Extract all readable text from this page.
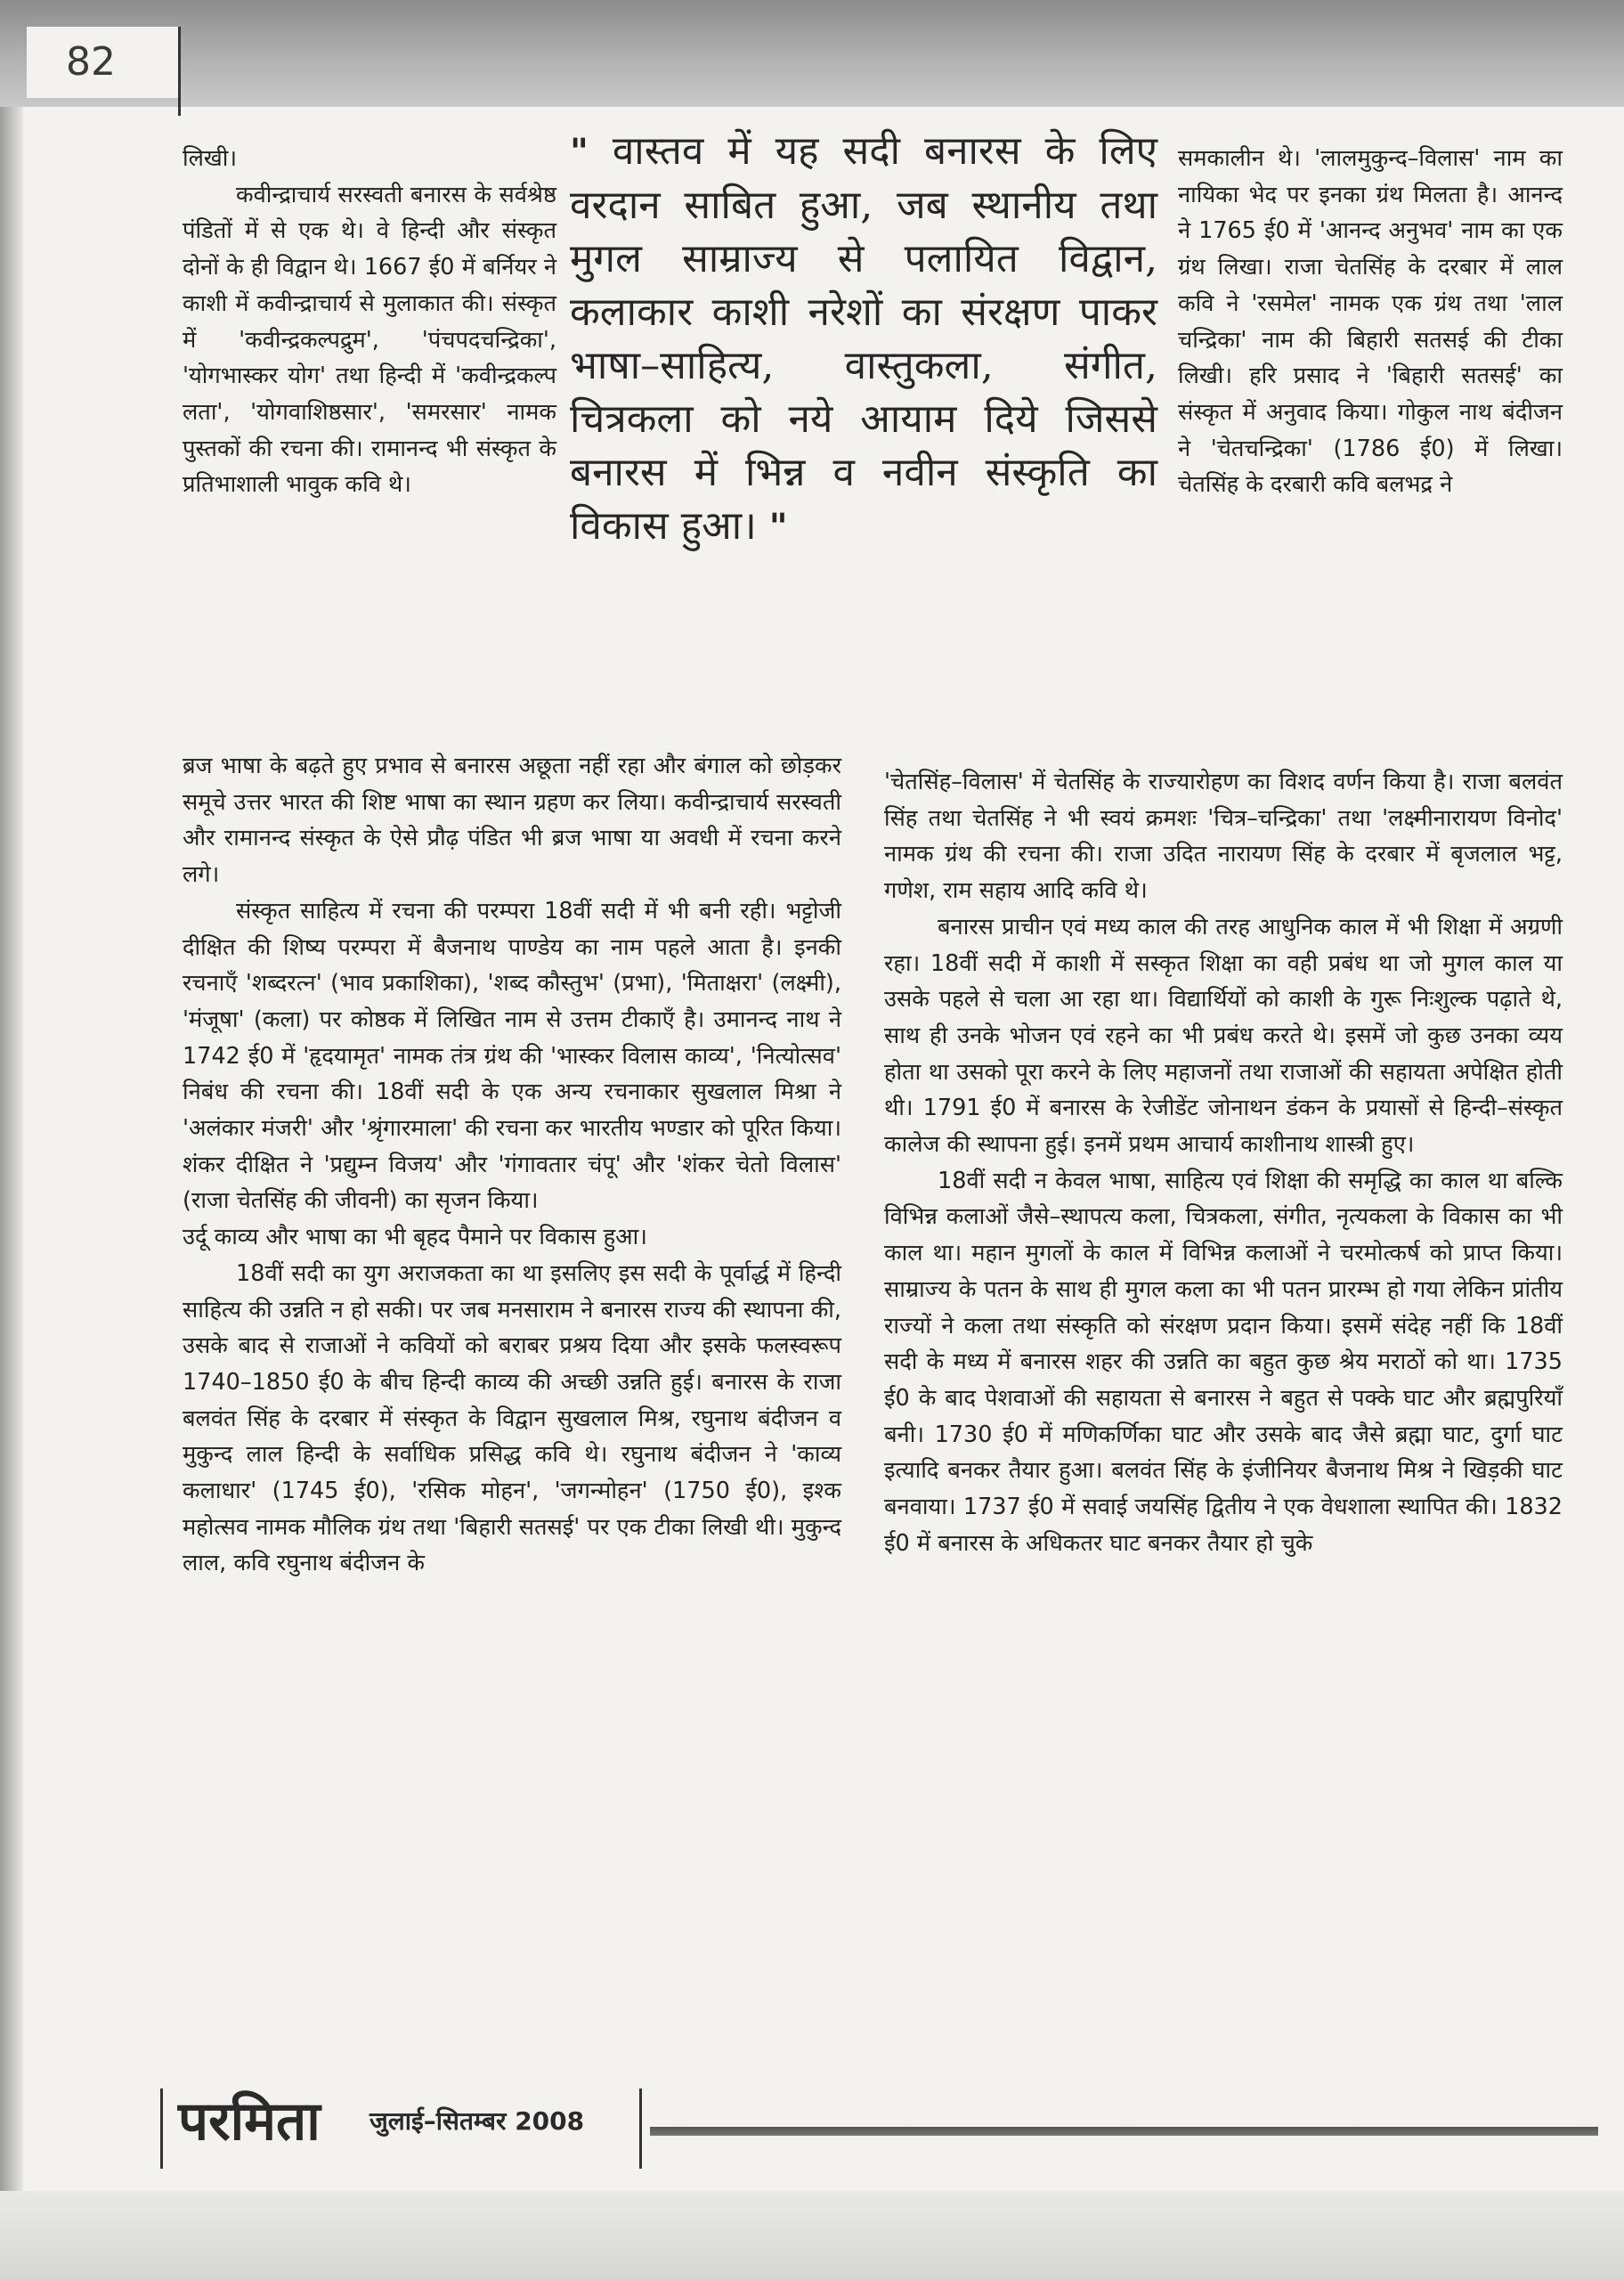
82

लिखी।

कवीन्द्राचार्य सरस्वती बनारस के सर्वश्रेष्ठ पंडितों में से एक थे। वे हिन्दी और संस्कृत दोनों के ही विद्वान थे। 1667 ई0 में बर्नियर ने काशी में कवीन्द्राचार्य से मुलाकात की। संस्कृत में 'कवीन्द्रकल्पद्रुम', 'पंचपदचन्द्रिका', 'योगभास्कर योग' तथा हिन्दी में 'कवीन्द्रकल्प लता', 'योगवाशिष्ठसार', 'समरसार' नामक पुस्तकों की रचना की। रामानन्द भी संस्कृत के प्रतिभाशाली भावुक कवि थे।

" वास्तव में यह सदी बनारस के लिए वरदान साबित हुआ, जब स्थानीय तथा मुगल साम्राज्य से पलायित विद्वान, कलाकार काशी नरेशों का संरक्षण पाकर भाषा–साहित्य, वास्तुकला, संगीत, चित्रकला को नये आयाम दिये जिससे बनारस में भिन्न व नवीन संस्कृति का विकास हुआ। "

समकालीन थे। 'लालमुकुन्द–विलास' नाम का नायिका भेद पर इनका ग्रंथ मिलता है। आनन्द ने 1765 ई0 में 'आनन्द अनुभव' नाम का एक ग्रंथ लिखा। राजा चेतसिंह के दरबार में लाल कवि ने 'रसमेल' नामक एक ग्रंथ तथा 'लाल चन्द्रिका' नाम की बिहारी सतसई की टीका लिखी। हरि प्रसाद ने 'बिहारी सतसई' का संस्कृत में अनुवाद किया। गोकुल नाथ बंदीजन ने 'चेतचन्द्रिका' (1786 ई0) में लिखा। चेतसिंह के दरबारी कवि बलभद्र ने

ब्रज भाषा के बढ़ते हुए प्रभाव से बनारस अछूता नहीं रहा और बंगाल को छोड़कर समूचे उत्तर भारत की शिष्ट भाषा का स्थान ग्रहण कर लिया। कवीन्द्राचार्य सरस्वती और रामानन्द संस्कृत के ऐसे प्रौढ़ पंडित भी ब्रज भाषा या अवधी में रचना करने लगे।

संस्कृत साहित्य में रचना की परम्परा 18वीं सदी में भी बनी रही। भट्टोजी दीक्षित की शिष्य परम्परा में बैजनाथ पाण्डेय का नाम पहले आता है। इनकी रचनाएँ 'शब्दरत्न' (भाव प्रकाशिका), 'शब्द कौस्तुभ' (प्रभा), 'मिताक्षरा' (लक्ष्मी), 'मंजूषा' (कला) पर कोष्ठक में लिखित नाम से उत्तम टीकाएँ है। उमानन्द नाथ ने 1742 ई0 में 'हृदयामृत' नामक तंत्र ग्रंथ की 'भास्कर विलास काव्य', 'नित्योत्सव' निबंध की रचना की। 18वीं सदी के एक अन्य रचनाकार सुखलाल मिश्रा ने 'अलंकार मंजरी' और 'श्रृंगारमाला' की रचना कर भारतीय भण्डार को पूरित किया। शंकर दीक्षित ने 'प्रद्युम्न विजय' और 'गंगावतार चंपू' और 'शंकर चेतो विलास' (राजा चेतसिंह की जीवनी) का सृजन किया।

उर्दू काव्य और भाषा का भी बृहद पैमाने पर विकास हुआ।

18वीं सदी का युग अराजकता का था इसलिए इस सदी के पूर्वार्द्ध में हिन्दी साहित्य की उन्नति न हो सकी। पर जब मनसाराम ने बनारस राज्य की स्थापना की, उसके बाद से राजाओं ने कवियों को बराबर प्रश्रय दिया और इसके फलस्वरूप 1740–1850 ई0 के बीच हिन्दी काव्य की अच्छी उन्नति हुई। बनारस के राजा बलवंत सिंह के दरबार में संस्कृत के विद्वान सुखलाल मिश्र, रघुनाथ बंदीजन व मुकुन्द लाल हिन्दी के सर्वाधिक प्रसिद्ध कवि थे। रघुनाथ बंदीजन ने 'काव्य कलाधार' (1745 ई0), 'रसिक मोहन', 'जगन्मोहन' (1750 ई0), इश्क महोत्सव नामक मौलिक ग्रंथ तथा 'बिहारी सतसई' पर एक टीका लिखी थी। मुकुन्द लाल, कवि रघुनाथ बंदीजन के

'चेतसिंह–विलास' में चेतसिंह के राज्यारोहण का विशद वर्णन किया है। राजा बलवंत सिंह तथा चेतसिंह ने भी स्वयं क्रमशः 'चित्र–चन्द्रिका' तथा 'लक्ष्मीनारायण विनोद' नामक ग्रंथ की रचना की। राजा उदित नारायण सिंह के दरबार में बृजलाल भट्ट, गणेश, राम सहाय आदि कवि थे।

बनारस प्राचीन एवं मध्य काल की तरह आधुनिक काल में भी शिक्षा में अग्रणी रहा। 18वीं सदी में काशी में सस्कृत शिक्षा का वही प्रबंध था जो मुगल काल या उसके पहले से चला आ रहा था। विद्यार्थियों को काशी के गुरू निःशुल्क पढ़ाते थे, साथ ही उनके भोजन एवं रहने का भी प्रबंध करते थे। इसमें जो कुछ उनका व्यय होता था उसको पूरा करने के लिए महाजनों तथा राजाओं की सहायता अपेक्षित होती थी। 1791 ई0 में बनारस के रेजीडेंट जोनाथन डंकन के प्रयासों से हिन्दी–संस्कृत कालेज की स्थापना हुई। इनमें प्रथम आचार्य काशीनाथ शास्त्री हुए।

18वीं सदी न केवल भाषा, साहित्य एवं शिक्षा की समृद्धि का काल था बल्कि विभिन्न कलाओं जैसे–स्थापत्य कला, चित्रकला, संगीत, नृत्यकला के विकास का भी काल था। महान मुगलों के काल में विभिन्न कलाओं ने चरमोत्कर्ष को प्राप्त किया। साम्राज्य के पतन के साथ ही मुगल कला का भी पतन प्रारम्भ हो गया लेकिन प्रांतीय राज्यों ने कला तथा संस्कृति को संरक्षण प्रदान किया। इसमें संदेह नहीं कि 18वीं सदी के मध्य में बनारस शहर की उन्नति का बहुत कुछ श्रेय मराठों को था। 1735 ई0 के बाद पेशवाओं की सहायता से बनारस ने बहुत से पक्के घाट और ब्रह्मपुरियाँ बनी। 1730 ई0 में मणिकर्णिका घाट और उसके बाद जैसे ब्रह्मा घाट, दुर्गा घाट इत्यादि बनकर तैयार हुआ। बलवंत सिंह के इंजीनियर बैजनाथ मिश्र ने खिड़की घाट बनवाया। 1737 ई0 में सवाई जयसिंह द्वितीय ने एक वेधशाला स्थापित की। 1832 ई0 में बनारस के अधिकतर घाट बनकर तैयार हो चुके

परमिता जुलाई–सितम्बर 2008
